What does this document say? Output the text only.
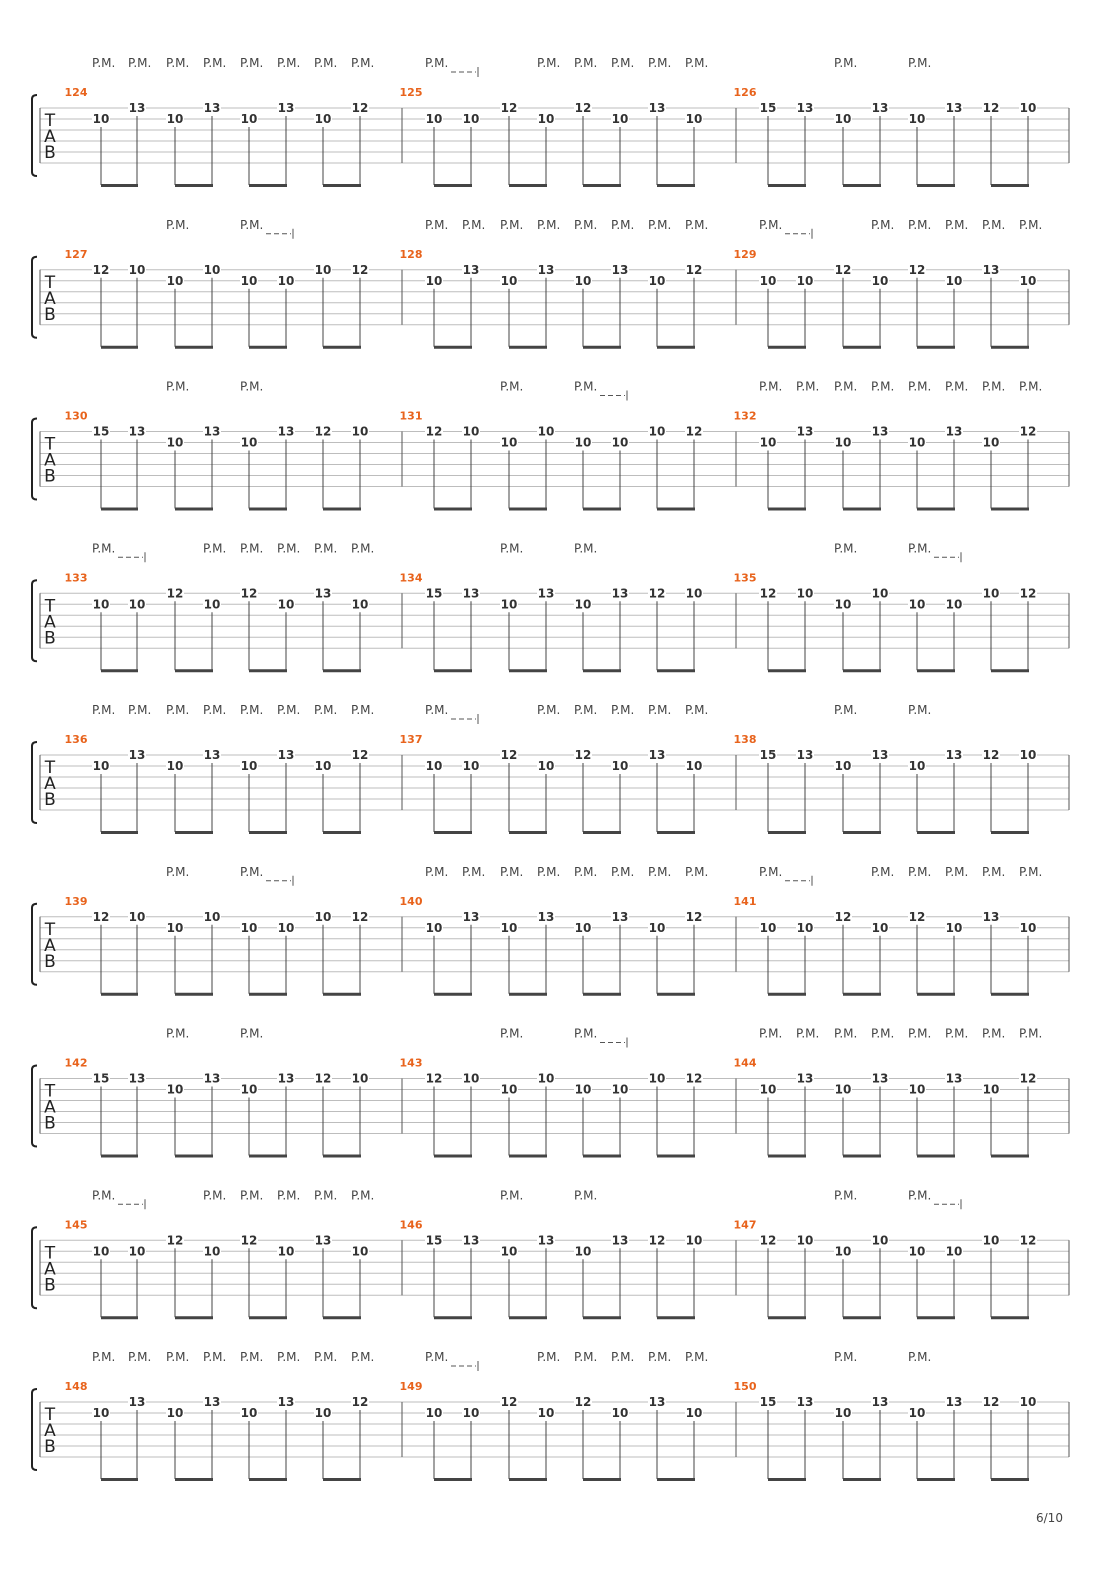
T
A
B
124
10
P.M.
13
P.M.
10
P.M.
13
P.M.
10
P.M.
13
P.M.
10
P.M.
12
P.M.
125
10
P.M.
10
12
10
P.M.
12
P.M.
10
P.M.
13
P.M.
10
P.M.
126
15 13
10
P.M.
13
10
P.M.
13 12 10
T
A
B
127
12 10
10
P.M.
10
10
P.M.
10
10 12
128
10
P.M.
13
P.M.
10
P.M.
13
P.M.
10
P.M.
13
P.M.
10
P.M.
12
P.M.
129
10
P.M.
10
12
10
P.M.
12
P.M.
10
P.M.
13
P.M.
10
P.M.
T
A
B
130
15 13
10
P.M.
13
10
P.M.
13 12 10
131
12 10
10
P.M.
10
10
P.M.
10
10 12
132
10
P.M.
13
P.M.
10
P.M.
13
P.M.
10
P.M.
13
P.M.
10
P.M.
12
P.M.
T
A
B
133
10
P.M.
10
12
10
P.M.
12
P.M.
10
P.M.
13
P.M.
10
P.M.
134
15 13
10
P.M.
13
10
P.M.
13 12 10
135
12 10
10
P.M.
10
10
P.M.
10
10 12
T
A
B
136
10
P.M.
13
P.M.
10
P.M.
13
P.M.
10
P.M.
13
P.M.
10
P.M.
12
P.M.
137
10
P.M.
10
12
10
P.M.
12
P.M.
10
P.M.
13
P.M.
10
P.M.
138
15 13
10
P.M.
13
10
P.M.
13 12 10
T
A
B
139
12 10
10
P.M.
10
10
P.M.
10
10 12
140
10
P.M.
13
P.M.
10
P.M.
13
P.M.
10
P.M.
13
P.M.
10
P.M.
12
P.M.
141
10
P.M.
10
12
10
P.M.
12
P.M.
10
P.M.
13
P.M.
10
P.M.
T
A
B
142
15 13
10
P.M.
13
10
P.M.
13 12 10
143
12 10
10
P.M.
10
10
P.M.
10
10 12
144
10
P.M.
13
P.M.
10
P.M.
13
P.M.
10
P.M.
13
P.M.
10
P.M.
12
P.M.
T
A
B
145
10
P.M.
10
12
10
P.M.
12
P.M.
10
P.M.
13
P.M.
10
P.M.
146
15 13
10
P.M.
13
10
P.M.
13 12 10
147
12 10
10
P.M.
10
10
P.M.
10
10 12
T
A
B
148
10
P.M.
13
P.M.
10
P.M.
13
P.M.
10
P.M.
13
P.M.
10
P.M.
12
P.M.
149
10
P.M.
10
12
10
P.M.
12
P.M.
10
P.M.
13
P.M.
10
P.M.
150
15 13
10
P.M.
13
10
P.M.
13 12 10
6/10
